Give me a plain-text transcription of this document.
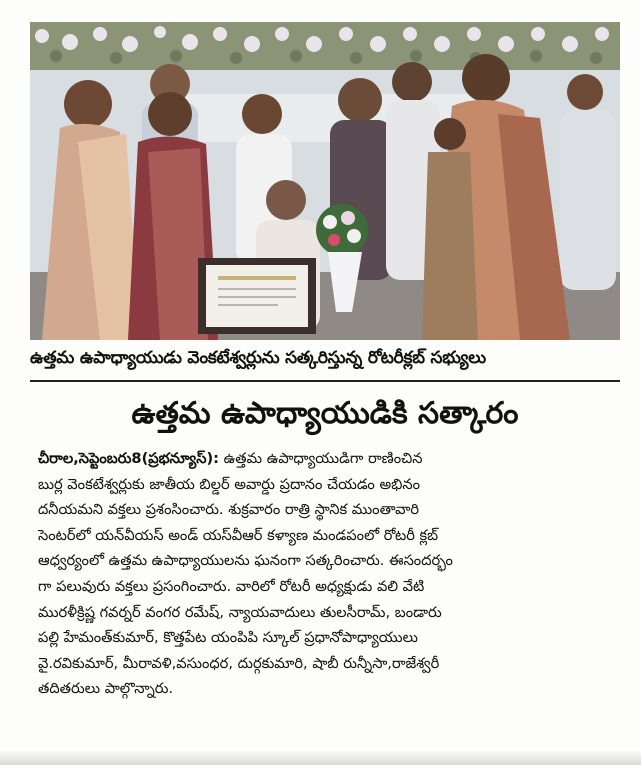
ఉత్తమ ఉపాధ్యాయుడు వెంకటేశ్వర్లును సత్కరిస్తున్న రోటరీక్లబ్ సభ్యులు
ఉత్తమ ఉపాధ్యాయుడికి సత్కారం
చీరాల,సెప్టెంబరు8(ప్రభన్యూస్): ఉత్తమ ఉపాధ్యాయుడిగా రాణించిన
బుర్ల వెంకటేశ్వర్లుకు జాతీయ బిల్డర్ అవార్డు ప్రదానం చేయడం అభినం
దనీయమని వక్తలు ప్రశంసించారు. శుక్రవారం రాత్రి స్థానిక ముంతావారి
సెంటర్‌లో యన్‌వీయస్ అండ్ యస్‌వీఆర్ కళ్యాణ మండపంలో రోటరీ క్లబ్
ఆధ్వర్యంలో ఉత్తమ ఉపాధ్యాయులను ఘనంగా సత్కరించారు. ఈసందర్భం
గా పలువురు వక్తలు ప్రసంగించారు. వారిలో రోటరీ అధ్యక్షుడు వలి వేటి
మురళీక్రిష్ణ గవర్నర్ వంగర రమేష్, న్యాయవాదులు తులసీరామ్, బండారు
పల్లి హేమంత్‌కుమార్, కొత్తపేట యంపిపి స్కూల్ ప్రధానోపాధ్యాయులు
వై.రవికుమార్, మీరావళి,వసుంధర, దుర్గకుమారి, షాబీ రున్నీసా,రాజేశ్వరీ
తదితరులు పాల్గొన్నారు.
